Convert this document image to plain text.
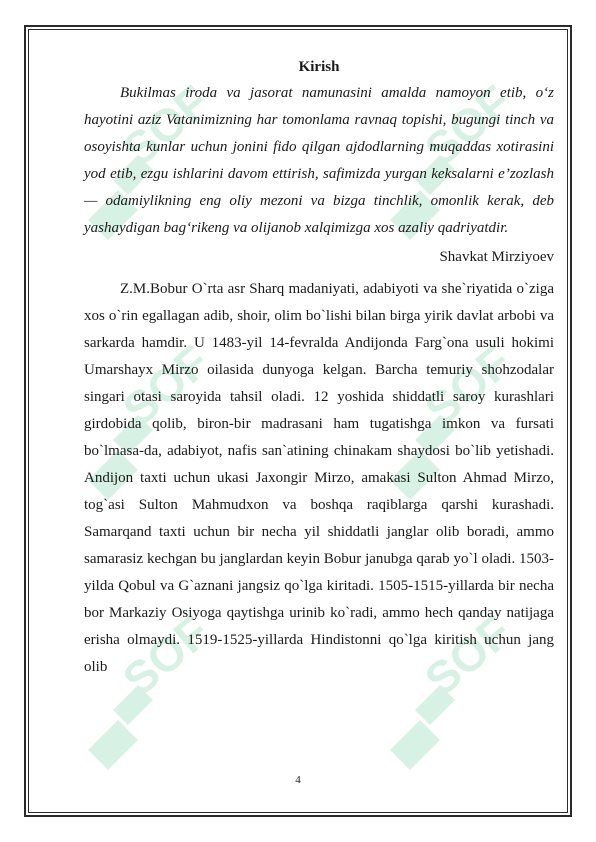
SOF	SOF
SOF	SOF
SOF	SOF

Kirish

Bukilmas iroda va jasorat namunasini amalda namoyon etib, o‘z hayotini aziz Vatanimizning har tomonlama ravnaq topishi, bugungi tinch va osoyishta kunlar uchun jonini fido qilgan ajdodlarning muqaddas xotirasini yod etib, ezgu ishlarini davom ettirish, safimizda yurgan keksalarni e’zozlash — odamiylikning eng oliy mezoni va bizga tinchlik, omonlik kerak, deb yashaydigan bag‘rikeng va olijanob xalqimizga xos azaliy qadriyatdir.

Shavkat Mirziyoev

Z.M.Bobur O`rta asr Sharq madaniyati, adabiyoti va she`riyatida o`ziga xos o`rin egallagan adib, shoir, olim bo`lishi bilan birga yirik davlat arbobi va sarkarda hamdir. U 1483-yil 14-fevralda Andijonda Farg`ona usuli hokimi Umarshayx Mirzo oilasida dunyoga kelgan. Barcha temuriy shohzodalar singari otasi saroyida tahsil oladi. 12 yoshida shiddatli saroy kurashlari girdobida qolib, biron-bir madrasani ham tugatishga imkon va fursati bo`lmasa-da, adabiyot, nafis san`atining chinakam shaydosi bo`lib yetishadi. Andijon taxti uchun ukasi Jaxongir Mirzo, amakasi Sulton Ahmad Mirzo, tog`asi Sulton Mahmudxon va boshqa raqiblarga qarshi kurashadi. Samarqand taxti uchun bir necha yil shiddatli janglar olib boradi, ammo samarasiz kechgan bu janglardan keyin Bobur janubga qarab yo`l oladi. 1503-yilda Qobul va G`aznani jangsiz qo`lga kiritadi. 1505-1515-yillarda bir necha bor Markaziy Osiyoga qaytishga urinib ko`radi, ammo hech qanday natijaga erisha olmaydi. 1519-1525-yillarda Hindistonni qo`lga kiritish uchun jang olib

4
